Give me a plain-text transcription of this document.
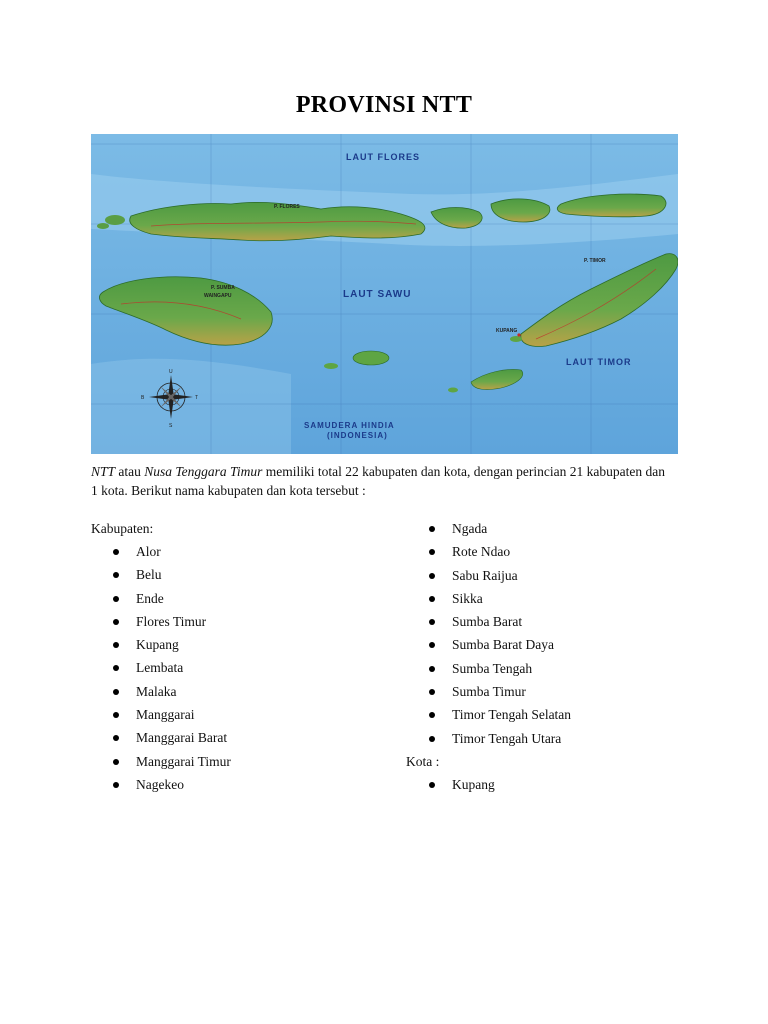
PROVINSI NTT
LAUT FLORES
LAUT SAWU
LAUT TIMOR
SAMUDERA HINDIA
(INDONESIA)
P. FLORES
P. SUMBA
P. TIMOR
KUPANG
WAINGAPU
U
S
T
B
NTT atau Nusa Tenggara Timur memiliki total 22 kabupaten dan kota, dengan perincian 21 kabupaten dan 1 kota. Berikut nama kabupaten dan kota tersebut :
Kabupaten:
Alor
Belu
Ende
Flores Timur
Kupang
Lembata
Malaka
Manggarai
Manggarai Barat
Manggarai Timur
Nagekeo
Ngada
Rote Ndao
Sabu Raijua
Sikka
Sumba Barat
Sumba Barat Daya
Sumba Tengah
Sumba Timur
Timor Tengah Selatan
Timor Tengah Utara
Kota :
Kupang
